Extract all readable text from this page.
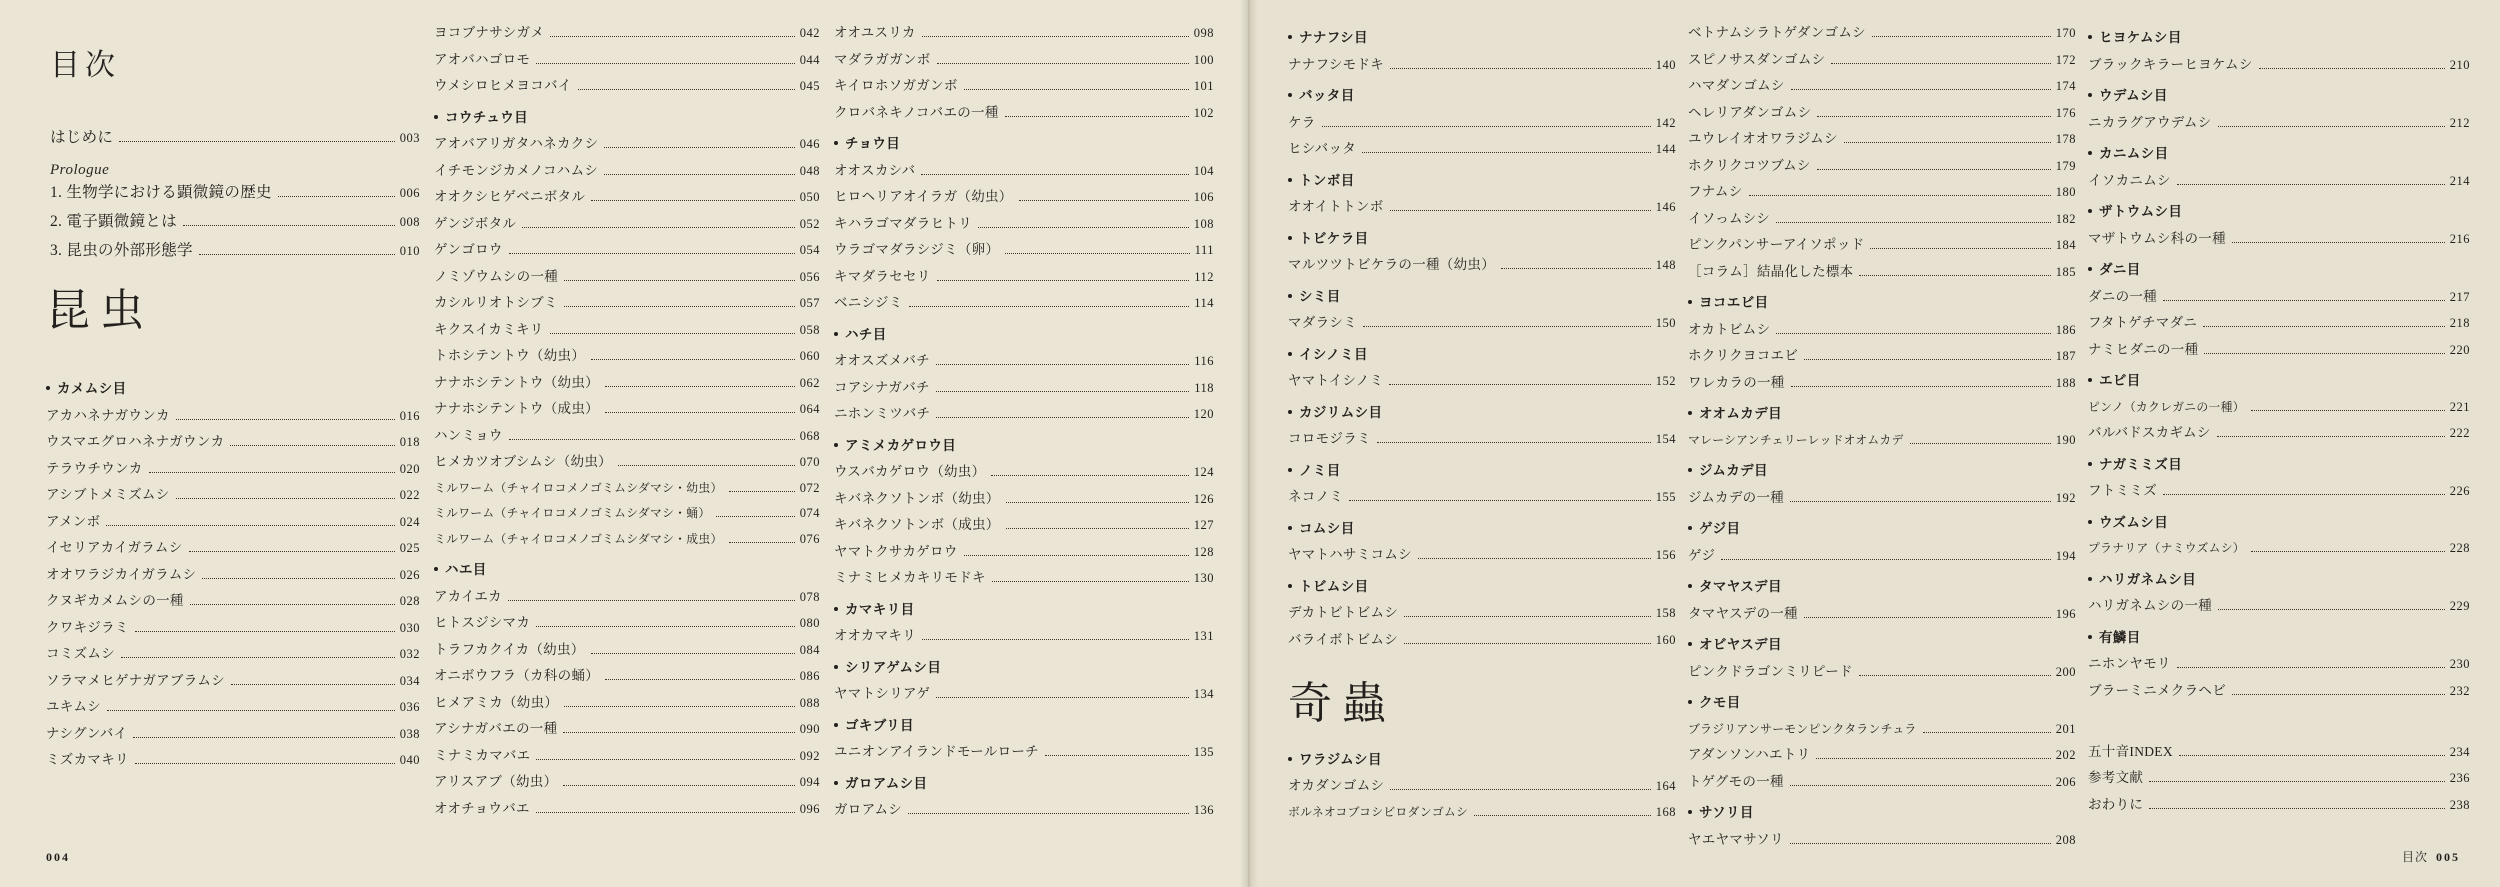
目次
はじめに	003
Prologue
1. 生物学における顕微鏡の歴史	006
2. 電子顕微鏡とは	008
3. 昆虫の外部形態学	010
昆虫
カメムシ目
アカハネナガウンカ	016
ウスマエグロハネナガウンカ	018
テラウチウンカ	020
アシブトメミズムシ	022
アメンボ	024
イセリアカイガラムシ	025
オオワラジカイガラムシ	026
クヌギカメムシの一種	028
クワキジラミ	030
コミズムシ	032
ソラマメヒゲナガアブラムシ	034
ユキムシ	036
ナシグンバイ	038
ミズカマキリ	040
ヨコブナサシガメ	042
アオバハゴロモ	044
ウメシロヒメヨコバイ	045
コウチュウ目
アオバアリガタハネカクシ	046
イチモンジカメノコハムシ	048
オオクシヒゲベニボタル	050
ゲンジボタル	052
ゲンゴロウ	054
ノミゾウムシの一種	056
カシルリオトシブミ	057
キクスイカミキリ	058
トホシテントウ（幼虫）	060
ナナホシテントウ（幼虫）	062
ナナホシテントウ（成虫）	064
ハンミョウ	068
ヒメカツオブシムシ（幼虫）	070
ミルワーム（チャイロコメノゴミムシダマシ・幼虫）	072
ミルワーム（チャイロコメノゴミムシダマシ・蛹）	074
ミルワーム（チャイロコメノゴミムシダマシ・成虫）	076
ハエ目
アカイエカ	078
ヒトスジシマカ	080
トラフカクイカ（幼虫）	084
オニボウフラ（カ科の蛹）	086
ヒメアミカ（幼虫）	088
アシナガバエの一種	090
ミナミカマバエ	092
アリスアブ（幼虫）	094
オオチョウバエ	096
オオユスリカ	098
マダラガガンボ	100
キイロホソガガンボ	101
クロバネキノコバエの一種	102
チョウ目
オオスカシバ	104
ヒロヘリアオイラガ（幼虫）	106
キハラゴマダラヒトリ	108
ウラゴマダラシジミ（卵）	111
キマダラセセリ	112
ベニシジミ	114
ハチ目
オオスズメバチ	116
コアシナガバチ	118
ニホンミツバチ	120
アミメカゲロウ目
ウスバカゲロウ（幼虫）	124
キバネクソトンボ（幼虫）	126
キバネクソトンボ（成虫）	127
ヤマトクサカゲロウ	128
ミナミヒメカキリモドキ	130
カマキリ目
オオカマキリ	131
シリアゲムシ目
ヤマトシリアゲ	134
ゴキブリ目
ユニオンアイランドモールローチ	135
ガロアムシ目
ガロアムシ	136
004
ナナフシ目
ナナフシモドキ	140
バッタ目
ケラ	142
ヒシバッタ	144
トンボ目
オオイトトンボ	146
トビケラ目
マルツツトビケラの一種（幼虫）	148
シミ目
マダラシミ	150
イシノミ目
ヤマトイシノミ	152
カジリムシ目
コロモジラミ	154
ノミ目
ネコノミ	155
コムシ目
ヤマトハサミコムシ	156
トビムシ目
デカトビトビムシ	158
バライボトビムシ	160
奇蟲
ワラジムシ目
オカダンゴムシ	164
ボルネオコブコシビロダンゴムシ	168
ベトナムシラトゲダンゴムシ	170
スピノサスダンゴムシ	172
ハマダンゴムシ	174
ヘレリアダンゴムシ	176
ユウレイオオワラジムシ	178
ホクリクコツブムシ	179
フナムシ	180
イソっムシシ	182
ピンクパンサーアイソポッド	184
［コラム］結晶化した標本	185
ヨコエビ目
オカトビムシ	186
ホクリクヨコエビ	187
ワレカラの一種	188
オオムカデ目
マレーシアンチェリーレッドオオムカデ	190
ジムカデ目
ジムカデの一種	192
ゲジ目
ゲジ	194
タマヤスデ目
タマヤスデの一種	196
オビヤスデ目
ピンクドラゴンミリピード	200
クモ目
ブラジリアンサーモンピンクタランチュラ	201
アダンソンハエトリ	202
トゲグモの一種	206
サソリ目
ヤエヤマサソリ	208
ヒヨケムシ目
ブラックキラーヒヨケムシ	210
ウデムシ目
ニカラグアウデムシ	212
カニムシ目
イソカニムシ	214
ザトウムシ目
マザトウムシ科の一種	216
ダニ目
ダニの一種	217
フタトゲチマダニ	218
ナミヒダニの一種	220
エビ目
ピンノ（カクレガニの一種）	221
バルバドスカギムシ	222
ナガミミズ目
フトミミズ	226
ウズムシ目
プラナリア（ナミウズムシ）	228
ハリガネムシ目
ハリガネムシの一種	229
有鱗目
ニホンヤモリ	230
ブラーミニメクラヘビ	232
五十音INDEX	234
参考文献	236
おわりに	238
目次 005
